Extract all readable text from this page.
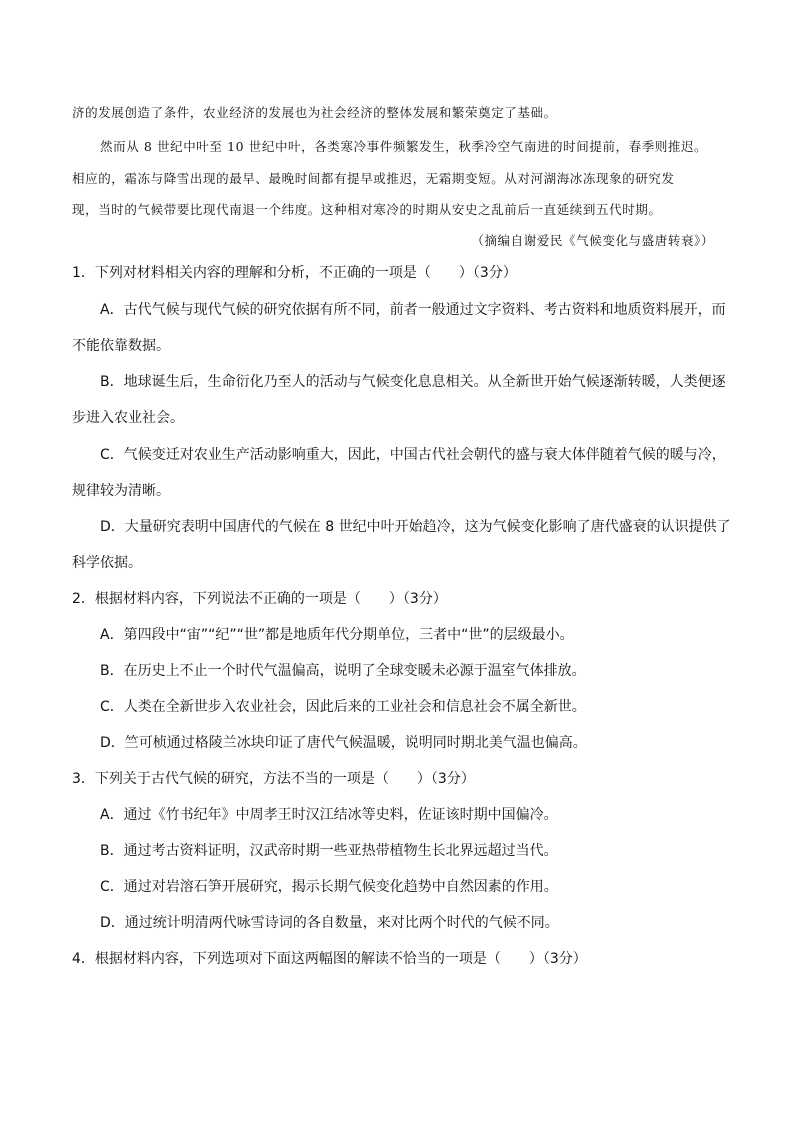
济的发展创造了条件，农业经济的发展也为社会经济的整体发展和繁荣奠定了基础。
然而从 8 世纪中叶至 10 世纪中叶，各类寒冷事件频繁发生，秋季冷空气南进的时间提前，春季则推迟。
相应的，霜冻与降雪出现的最早、最晚时间都有提早或推迟，无霜期变短。从对河湖海冰冻现象的研究发
现，当时的气候带要比现代南退一个纬度。这种相对寒冷的时期从安史之乱前后一直延续到五代时期。
（摘编自谢爱民《气候变化与盛唐转衰》）
1．下列对材料相关内容的理解和分析，不正确的一项是（　　）（3分）
A．古代气候与现代气候的研究依据有所不同，前者一般通过文字资料、考古资料和地质资料展开，而
不能依靠数据。
B．地球诞生后，生命衍化乃至人的活动与气候变化息息相关。从全新世开始气候逐渐转暖，人类便逐
步进入农业社会。
C．气候变迁对农业生产活动影响重大，因此，中国古代社会朝代的盛与衰大体伴随着气候的暖与冷，
规律较为清晰。
D．大量研究表明中国唐代的气候在 8 世纪中叶开始趋冷，这为气候变化影响了唐代盛衰的认识提供了
科学依据。
2．根据材料内容，下列说法不正确的一项是（　　）（3分）
A．第四段中“宙”“纪”“世”都是地质年代分期单位，三者中“世”的层级最小。
B．在历史上不止一个时代气温偏高，说明了全球变暖未必源于温室气体排放。
C．人类在全新世步入农业社会，因此后来的工业社会和信息社会不属全新世。
D．竺可桢通过格陵兰冰块印证了唐代气候温暖，说明同时期北美气温也偏高。
3．下列关于古代气候的研究，方法不当的一项是（　　）（3分）
A．通过《竹书纪年》中周孝王时汉江结冰等史料，佐证该时期中国偏冷。
B．通过考古资料证明，汉武帝时期一些亚热带植物生长北界远超过当代。
C．通过对岩溶石笋开展研究，揭示长期气候变化趋势中自然因素的作用。
D．通过统计明清两代咏雪诗词的各自数量，来对比两个时代的气候不同。
4．根据材料内容，下列选项对下面这两幅图的解读不恰当的一项是（　　）（3分）
